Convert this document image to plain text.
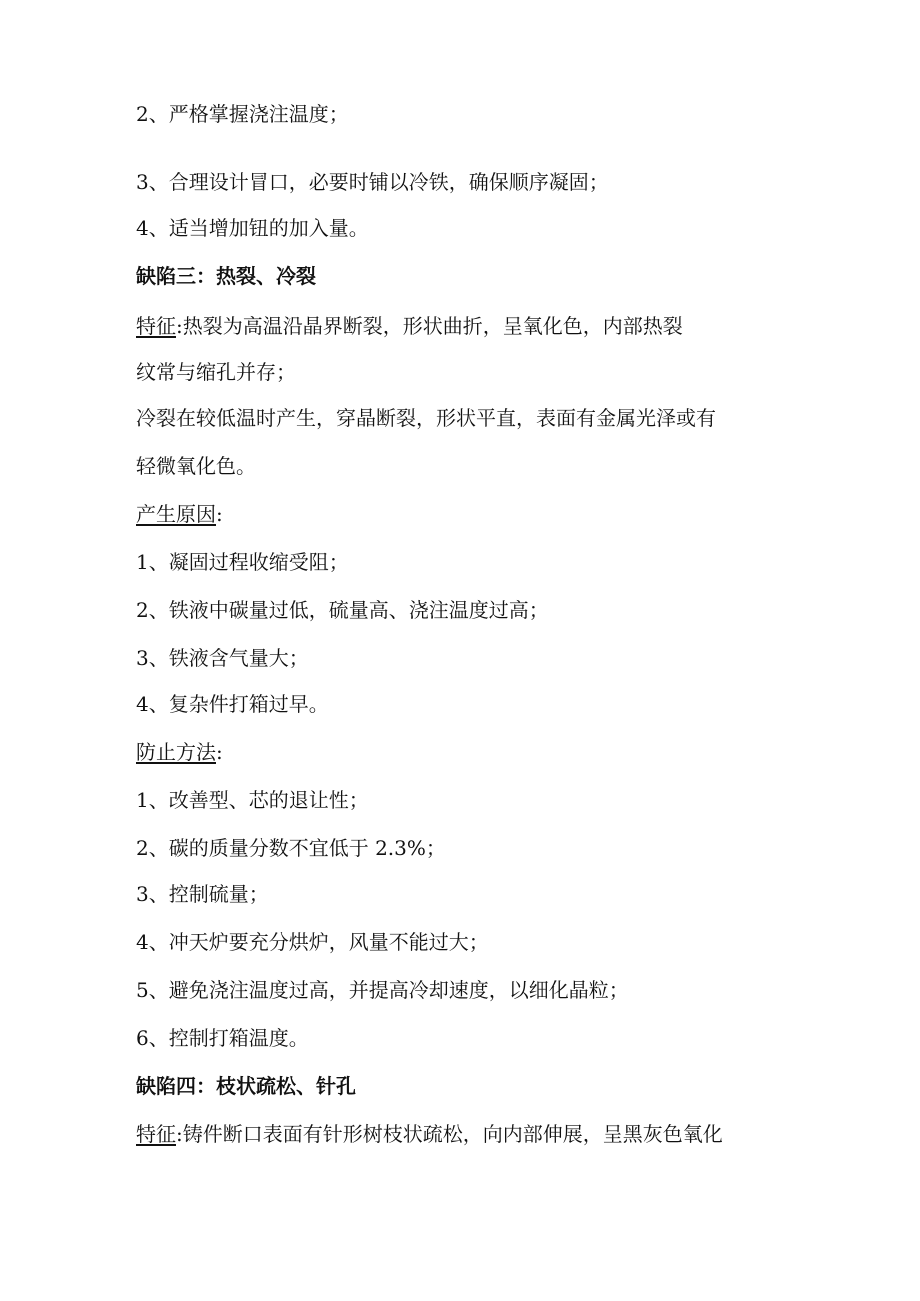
2、严格掌握浇注温度；
3、合理设计冒口，必要时铺以冷铁，确保顺序凝固；
4、适当增加钮的加入量。
缺陷三：热裂、冷裂
特征:热裂为高温沿晶界断裂，形状曲折，呈氧化色，内部热裂
纹常与缩孔并存；
冷裂在较低温时产生，穿晶断裂，形状平直，表面有金属光泽或有
轻微氧化色。
产生原因:
1、凝固过程收缩受阻；
2、铁液中碳量过低，硫量高、浇注温度过高；
3、铁液含气量大；
4、复杂件打箱过早。
防止方法:
1、改善型、芯的退让性；
2、碳的质量分数不宜低于 2.3%；
3、控制硫量；
4、冲天炉要充分烘炉，风量不能过大；
5、避免浇注温度过高，并提高冷却速度，以细化晶粒；
6、控制打箱温度。
缺陷四：枝状疏松、针孔
特征:铸件断口表面有针形树枝状疏松，向内部伸展，呈黑灰色氧化
